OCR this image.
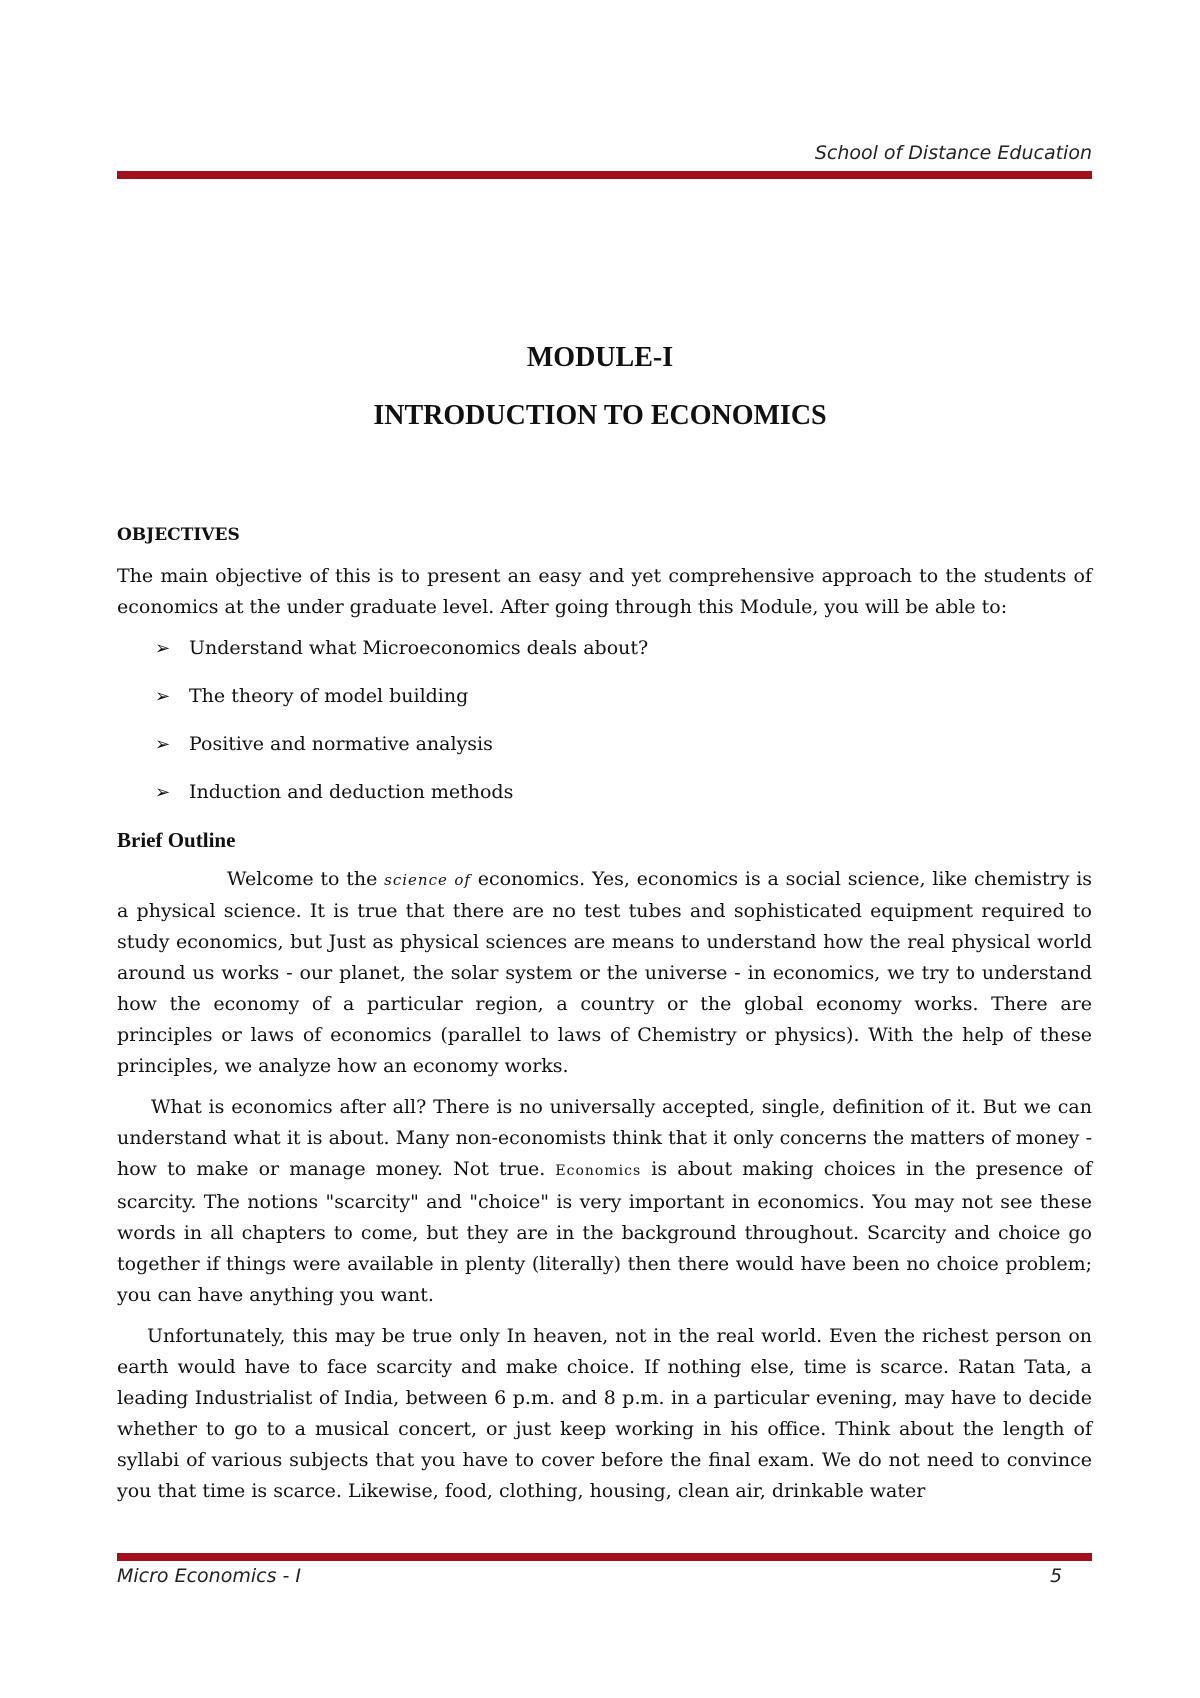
School of Distance Education
MODULE-I
INTRODUCTION TO ECONOMICS
OBJECTIVES

The main objective of this is to present an easy and yet comprehensive approach to the students of economics at the under graduate level. After going through this Module, you will be able to:

➢ Understand what Microeconomics deals about?
➢ The theory of model building
➢ Positive and normative analysis
➢ Induction and deduction methods
Brief Outline

Welcome to the science of economics. Yes, economics is a social science, like chemistry is a physical science. It is true that there are no test tubes and sophisticated equipment required to study economics, but Just as physical sciences are means to understand how the real physical world around us works - our planet, the solar system or the universe - in economics, we try to understand how the economy of a particular region, a country or the global economy works. There are principles or laws of economics (parallel to laws of Chemistry or physics). With the help of these principles, we analyze how an economy works.

What is economics after all? There is no universally accepted, single, definition of it. But we can understand what it is about. Many non-economists think that it only concerns the matters of money - how to make or manage money. Not true. Economics is about making choices in the presence of scarcity. The notions "scarcity" and "choice" is very important in economics. You may not see these words in all chapters to come, but they are in the background throughout. Scarcity and choice go together if things were available in plenty (literally) then there would have been no choice problem; you can have anything you want.

Unfortunately, this may be true only In heaven, not in the real world. Even the richest person on earth would have to face scarcity and make choice. If nothing else, time is scarce. Ratan Tata, a leading Industrialist of India, between 6 p.m. and 8 p.m. in a particular evening, may have to decide whether to go to a musical concert, or just keep working in his office. Think about the length of syllabi of various subjects that you have to cover before the final exam. We do not need to convince you that time is scarce. Likewise, food, clothing, housing, clean air, drinkable water

Micro Economics - I	5
